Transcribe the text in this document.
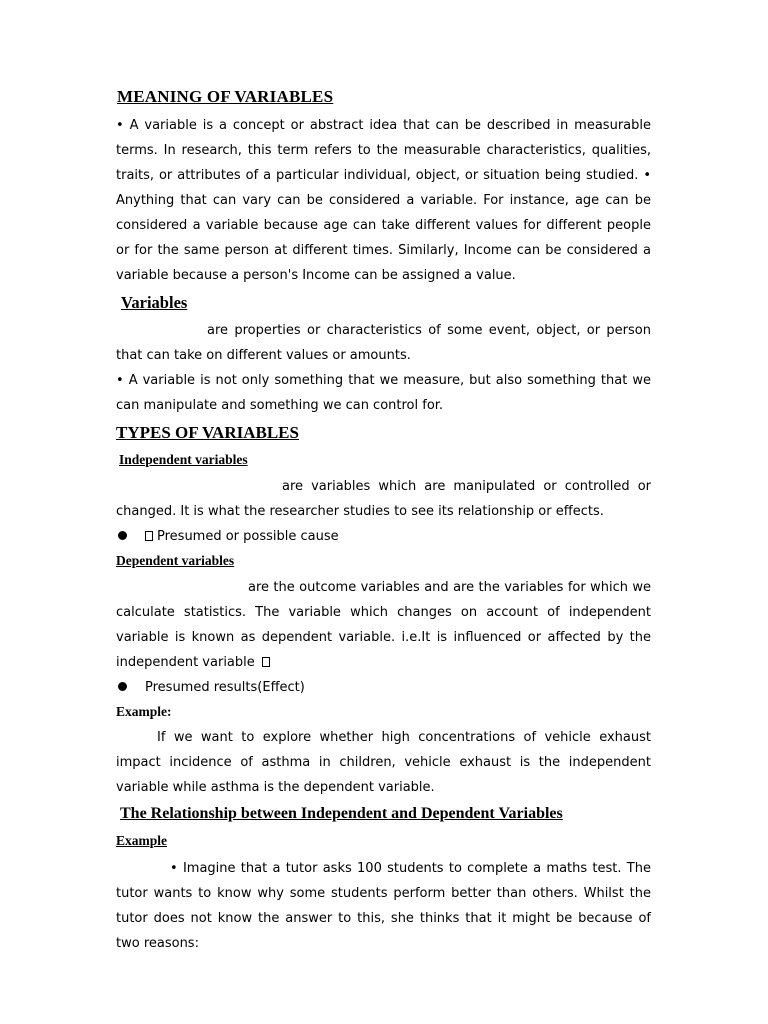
MEANING OF VARIABLES
• A variable is a concept or abstract idea that can be described in measurable terms. In research, this term refers to the measurable characteristics, qualities, traits, or attributes of a particular individual, object, or situation being studied. • Anything that can vary can be considered a variable. For instance, age can be considered a variable because age can take different values for different people or for the same person at different times. Similarly, Income can be considered a variable because a person's Income can be assigned a value.
Variables
are properties or characteristics of some event, object, or person that can take on different values or amounts.
• A variable is not only something that we measure, but also something that we can manipulate and something we can control for.
TYPES OF VARIABLES
Independent variables
are variables which are manipulated or controlled or changed. It is what the researcher studies to see its relationship or effects.
Presumed or possible cause
Dependent variables
are the outcome variables and are the variables for which we calculate statistics. The variable which changes on account of independent variable is known as dependent variable. i.e.It is influenced or affected by the independent variable
Presumed results(Effect)
Example:
If we want to explore whether high concentrations of vehicle exhaust impact incidence of asthma in children, vehicle exhaust is the independent variable while asthma is the dependent variable.
The Relationship between Independent and Dependent Variables
Example
• Imagine that a tutor asks 100 students to complete a maths test. The tutor wants to know why some students perform better than others. Whilst the tutor does not know the answer to this, she thinks that it might be because of two reasons:
